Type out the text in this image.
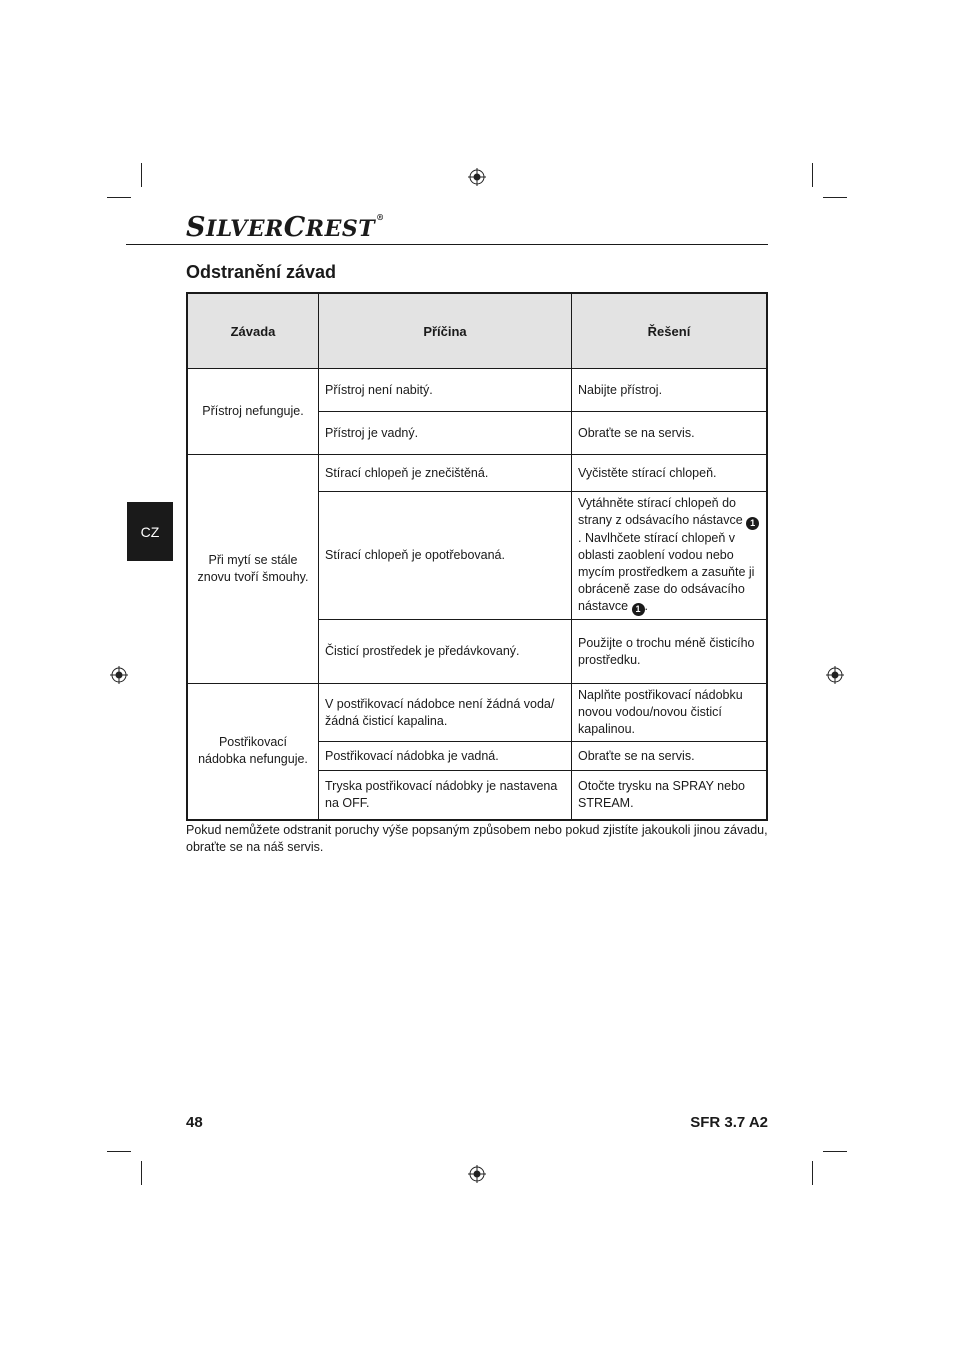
SILVERCREST®
Odstranění závad
CZ
Závada	Příčina	Řešení
Přístroj nefunguje.	Přístroj není nabitý.	Nabijte přístroj.
	Přístroj je vadný.	Obraťte se na servis.
Při mytí se stále znovu tvoří šmouhy.	Stírací chlopeň je znečištěná.	Vyčistěte stírací chlopeň.
	Stírací chlopeň je opotřebovaná.	Vytáhněte stírací chlopeň do strany z odsávacího nástavce 1. Navlhčete stírací chlopeň v oblasti zaoblení vodou nebo mycím prostředkem a zasuňte ji obráceně zase do odsávacího nástavce 1 .
	Čisticí prostředek je předávkovaný.	Použijte o trochu méně čisticího prostředku.
Postřikovací nádobka nefunguje.	V postřikovací nádobce není žádná voda/ žádná čisticí kapalina.	Naplňte postřikovací nádobku novou vodou/novou čisticí kapalinou.
	Postřikovací nádobka je vadná.	Obraťte se na servis.
	Tryska postřikovací nádobky je nastavena na OFF.	Otočte trysku na SPRAY nebo STREAM.
Pokud nemůžete odstranit poruchy výše popsaným způsobem nebo pokud zjistíte jakoukoli jinou závadu, obraťte se na náš servis.
48	SFR 3.7 A2
